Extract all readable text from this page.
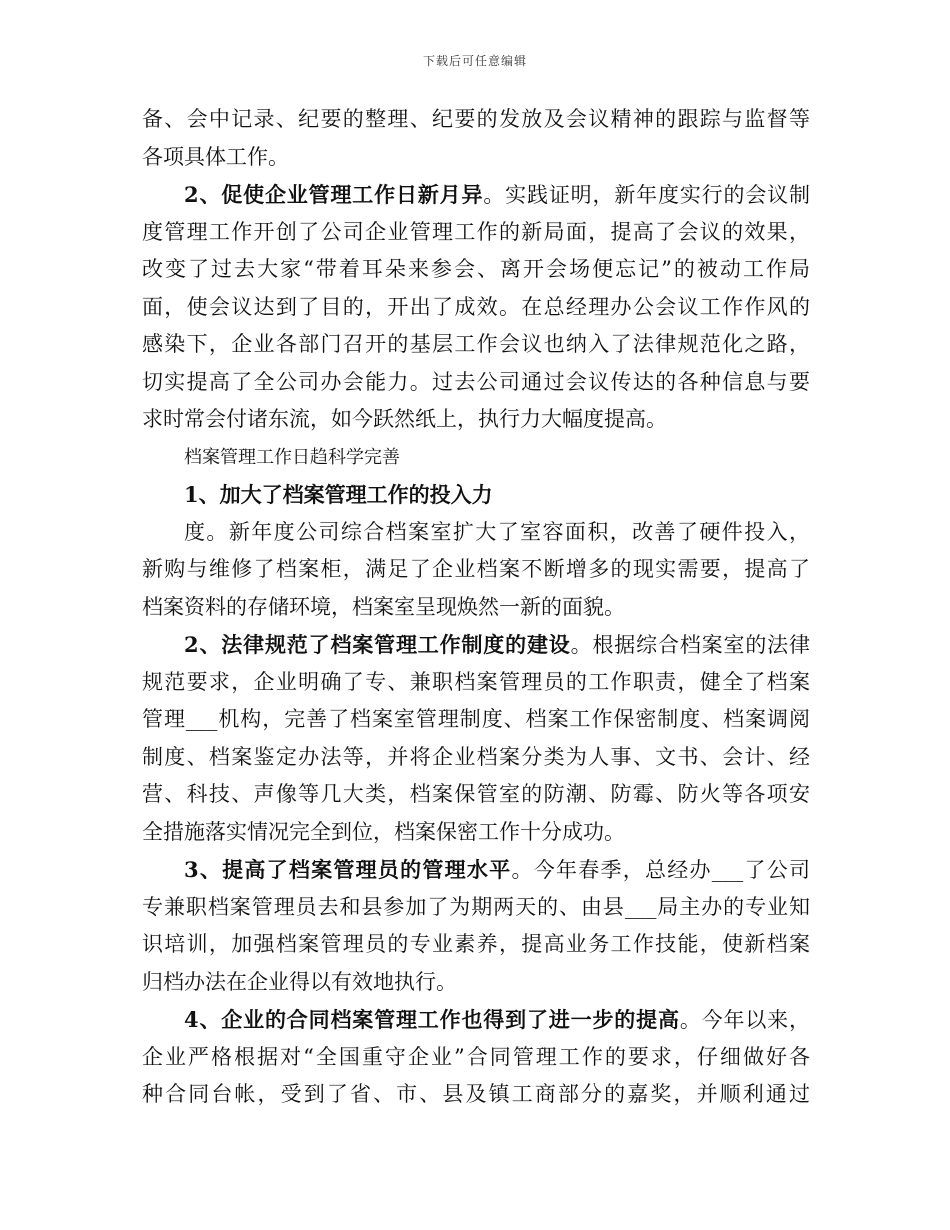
下载后可任意编辑
备、会中记录、纪要的整理、纪要的发放及会议精神的跟踪与监督等
各项具体工作。
2、促使企业管理工作日新月异。实践证明，新年度实行的会议制
度管理工作开创了公司企业管理工作的新局面，提高了会议的效果，
改变了过去大家“带着耳朵来参会、离开会场便忘记”的被动工作局
面，使会议达到了目的，开出了成效。在总经理办公会议工作作风的
感染下，企业各部门召开的基层工作会议也纳入了法律规范化之路，
切实提高了全公司办会能力。过去公司通过会议传达的各种信息与要
求时常会付诸东流，如今跃然纸上，执行力大幅度提高。
档案管理工作日趋科学完善
1、加大了档案管理工作的投入力
度。新年度公司综合档案室扩大了室容面积，改善了硬件投入，
新购与维修了档案柜，满足了企业档案不断增多的现实需要，提高了
档案资料的存储环境，档案室呈现焕然一新的面貌。
2、法律规范了档案管理工作制度的建设。根据综合档案室的法律
规范要求，企业明确了专、兼职档案管理员的工作职责，健全了档案
管理___机构，完善了档案室管理制度、档案工作保密制度、档案调阅
制度、档案鉴定办法等，并将企业档案分类为人事、文书、会计、经
营、科技、声像等几大类，档案保管室的防潮、防霉、防火等各项安
全措施落实情况完全到位，档案保密工作十分成功。
3、提高了档案管理员的管理水平。今年春季，总经办___了公司
专兼职档案管理员去和县参加了为期两天的、由县___局主办的专业知
识培训，加强档案管理员的专业素养，提高业务工作技能，使新档案
归档办法在企业得以有效地执行。
4、企业的合同档案管理工作也得到了进一步的提高。今年以来，
企业严格根据对“全国重守企业”合同管理工作的要求，仔细做好各
种合同台帐，受到了省、市、县及镇工商部分的嘉奖，并顺利通过
